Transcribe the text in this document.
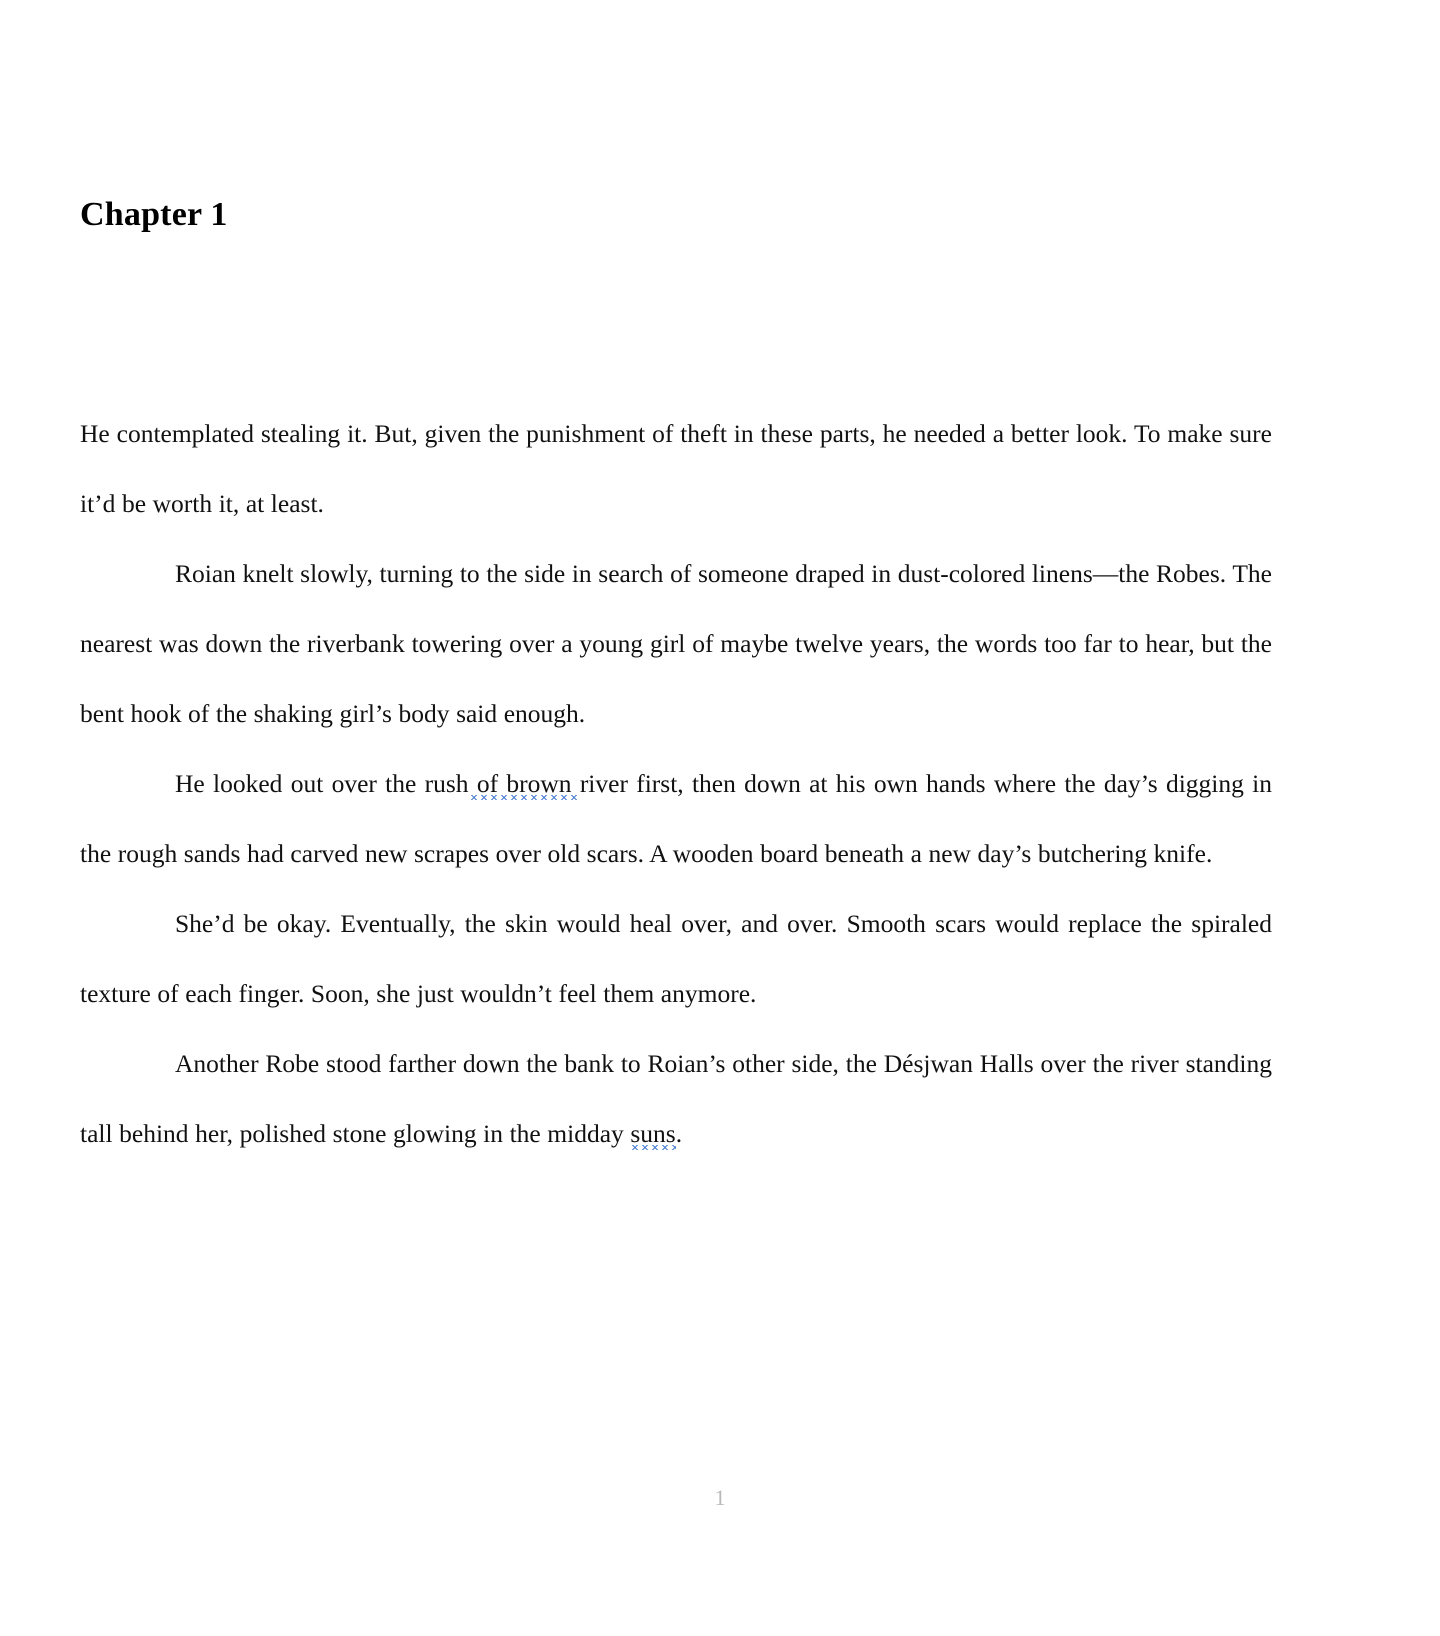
Chapter 1

He contemplated stealing it. But, given the punishment of theft in these parts, he needed a better look. To make sure it’d be worth it, at least.

Roian knelt slowly, turning to the side in search of someone draped in dust-colored linens—the Robes. The nearest was down the riverbank towering over a young girl of maybe twelve years, the words too far to hear, but the bent hook of the shaking girl’s body said enough.

He looked out over the rush of brown river first, then down at his own hands where the day’s digging in the rough sands had carved new scrapes over old scars. A wooden board beneath a new day’s butchering knife.

She’d be okay. Eventually, the skin would heal over, and over. Smooth scars would replace the spiraled texture of each finger. Soon, she just wouldn’t feel them anymore.

Another Robe stood farther down the bank to Roian’s other side, the Désjwan Halls over the river standing tall behind her, polished stone glowing in the midday suns.

1
